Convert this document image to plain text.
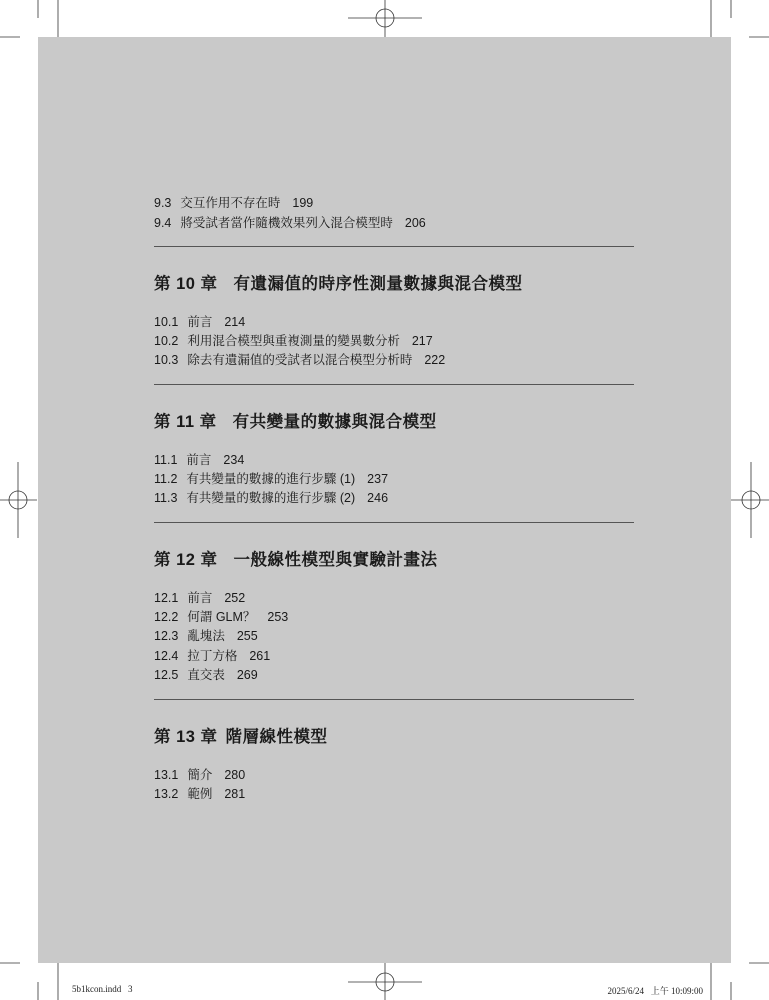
9.3 交互作用不存在時 199
9.4 將受試者當作隨機效果列入混合模型時 206
第 10 章 有遺漏值的時序性測量數據與混合模型
10.1 前言 214
10.2 利用混合模型與重複測量的變異數分析 217
10.3 除去有遺漏值的受試者以混合模型分析時 222
第 11 章 有共變量的數據與混合模型
11.1 前言 234
11.2 有共變量的數據的進行步驟 (1) 237
11.3 有共變量的數據的進行步驟 (2) 246
第 12 章 一般線性模型與實驗計畫法
12.1 前言 252
12.2 何謂 GLM？ 253
12.3 亂塊法 255
12.4 拉丁方格 261
12.5 直交表 269
第 13 章 階層線性模型
13.1 簡介 280
13.2 範例 281
5b1kcon.indd   3	2025/6/24   上午 10:09:00
